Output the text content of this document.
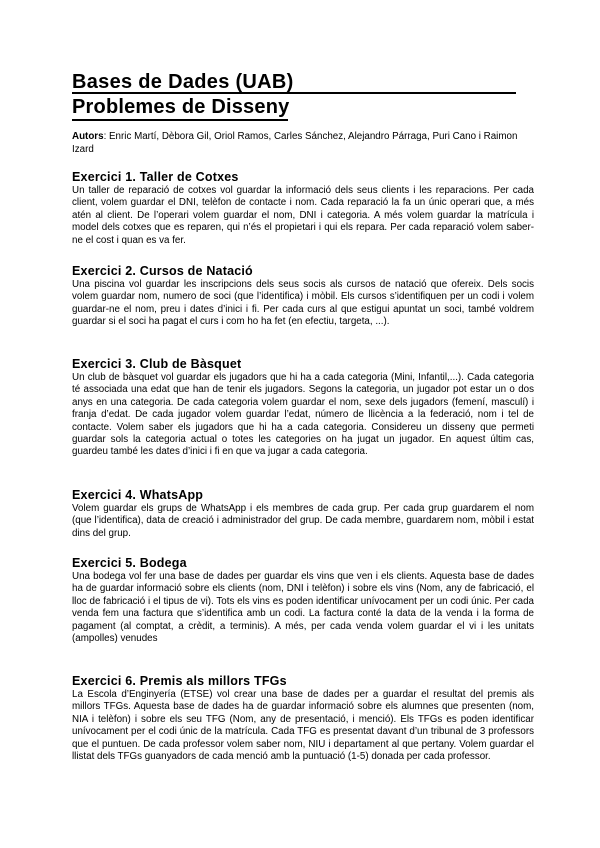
Bases de Dades (UAB)
Problemes de Disseny
Autors: Enric Martí, Dèbora Gil, Oriol Ramos, Carles Sánchez, Alejandro Párraga, Puri Cano i Raimon Izard
Exercici 1. Taller de Cotxes

Un taller de reparació de cotxes vol guardar la informació dels seus clients i les reparacions. Per cada client, volem guardar el DNI, telèfon de contacte i nom. Cada reparació la fa un únic operari que, a més atén al client. De l’operari volem guardar el nom, DNI i categoria. A més volem guardar la matrícula i model dels cotxes que es reparen, qui n’és el propietari i qui els repara. Per cada reparació volem saber-ne el cost i quan es va fer.

Exercici 2. Cursos de Natació

Una piscina vol guardar les inscripcions dels seus socis als cursos de natació que ofereix. Dels socis volem guardar nom, numero de soci (que l’identifica) i mòbil. Els cursos s’identifiquen per un codi i volem guardar-ne el nom, preu i dates d’inici i fi. Per cada curs al que estigui apuntat un soci, també voldrem guardar si el soci ha pagat el curs i com ho ha fet (en efectiu, targeta, ...).

Exercici 3. Club de Bàsquet

Un club de bàsquet vol guardar els jugadors que hi ha a cada categoria (Mini, Infantil,...). Cada categoria té associada una edat que han de tenir els jugadors. Segons la categoria, un jugador pot estar un o dos anys en una categoria. De cada categoria volem guardar el nom, sexe dels jugadors (femení, masculí) i franja d’edat. De cada jugador volem guardar l’edat, número de llicència a la federació, nom i tel de contacte. Volem saber els jugadors que hi ha a cada categoria. Considereu un disseny que permeti guardar sols la categoria actual o totes les categories on ha jugat un jugador. En aquest últim cas, guardeu també les dates d’inici i fi en que va jugar a cada categoria.

Exercici 4. WhatsApp

Volem guardar els grups de WhatsApp i els membres de cada grup. Per cada grup guardarem el nom (que l’identifica), data de creació i administrador del grup. De cada membre, guardarem nom, mòbil i estat dins del grup.

Exercici 5. Bodega

Una bodega vol fer una base de dades per guardar els vins que ven i els clients. Aquesta base de dades ha de guardar informació sobre els clients (nom, DNI i telèfon) i sobre els vins (Nom, any de fabricació, el lloc de fabricació i el tipus de vi). Tots els vins es poden identificar unívocament per un codi únic. Per cada venda fem una factura que s’identifica amb un codi. La factura conté la data de la venda i la forma de pagament (al comptat, a crèdit, a terminis). A més, per cada venda volem guardar el vi i les unitats (ampolles) venudes

Exercici 6. Premis als millors TFGs

La Escola d’Enginyería (ETSE) vol crear una base de dades per a guardar el resultat del premis als millors TFGs. Aquesta base de dades ha de guardar informació sobre els alumnes que presenten (nom, NIA i telèfon) i sobre els seu TFG (Nom, any de presentació, i menció). Els TFGs es poden identificar unívocament per el codi únic de la matrícula. Cada TFG es presentat davant d’un tribunal de 3 professors que el puntuen. De cada professor volem saber nom, NIU i departament al que pertany. Volem guardar el llistat dels TFGs guanyadors de cada menció amb la puntuació (1-5) donada per cada professor.
